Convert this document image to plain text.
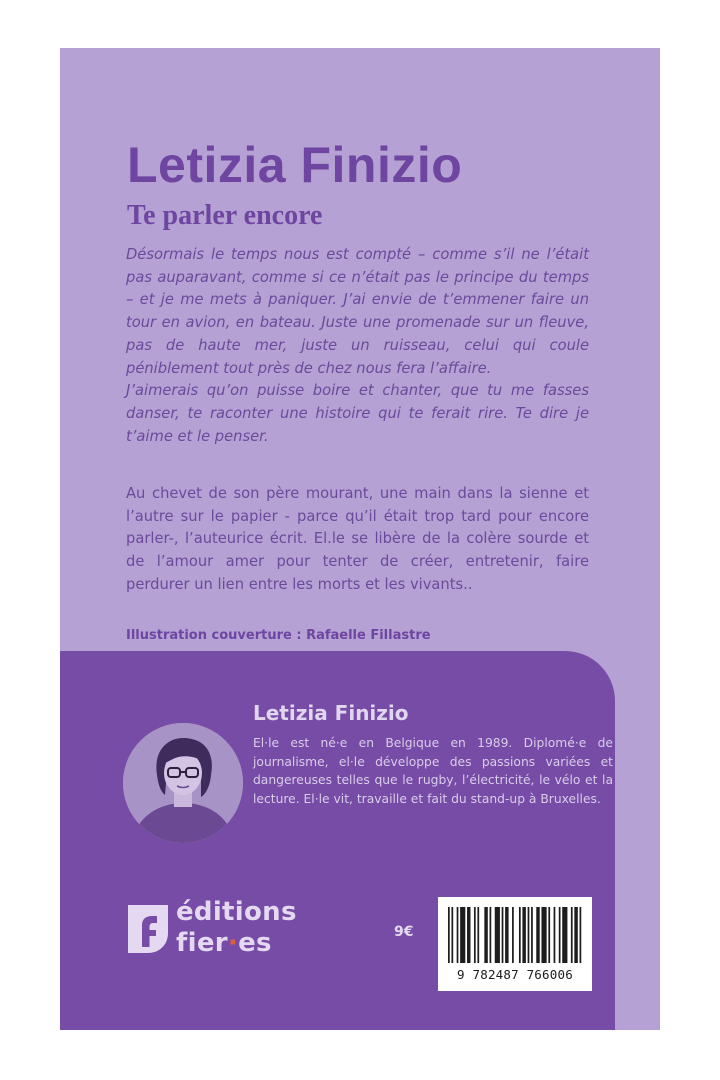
Letizia Finizio
Te parler encore

Désormais le temps nous est compté – comme s’il ne l’était pas auparavant, comme si ce n’était pas le principe du temps – et je me mets à paniquer. J’ai envie de t’emmener faire un tour en avion, en bateau. Juste une promenade sur un fleuve, pas de haute mer, juste un ruisseau, celui qui coule péniblement tout près de chez nous fera l’affaire.

J’aimerais qu’on puisse boire et chanter, que tu me fasses danser, te raconter une histoire qui te ferait rire. Te dire je t’aime et le penser.

Au chevet de son père mourant, une main dans la sienne et l’autre sur le papier - parce qu’il était trop tard pour encore parler-, l’auteurice écrit. El.le se libère de la colère sourde et de l’amour amer pour tenter de créer, entretenir, faire perdurer un lien entre les morts et les vivants..

Illustration couverture : Rafaelle Fillastre

Letizia Finizio

El·le est né·e en Belgique en 1989. Diplomé·e de journalisme, el·le développe des passions variées et dangereuses telles que le rugby, l’électricité, le vélo et la lecture. El·le vit, travaille et fait du stand-up à Bruxelles.

éditions

fier·es	9€

9 782487 766006
